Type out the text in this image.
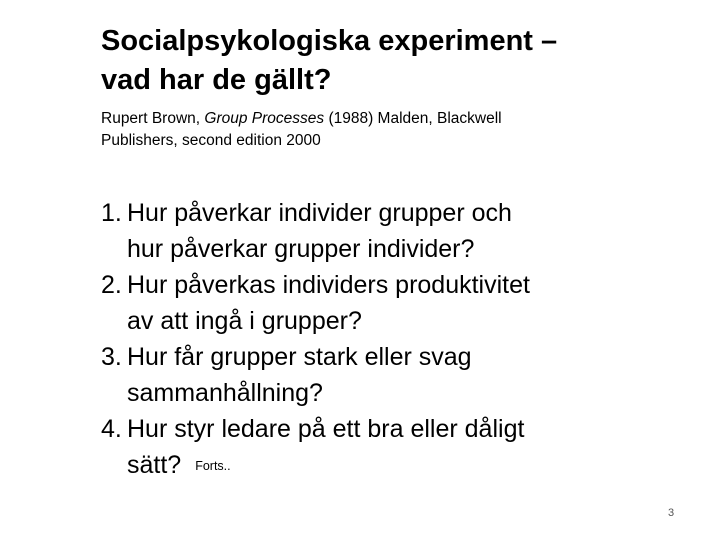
Socialpsykologiska experiment –
vad har de gällt?
Rupert Brown, Group Processes (1988) Malden, Blackwell
Publishers, second edition 2000
1. Hur påverkar individer grupper och
hur påverkar grupper individer?
2. Hur påverkas individers produktivitet
av att ingå i grupper?
3. Hur får grupper stark eller svag
sammanhållning?
4. Hur styr ledare på ett bra eller dåligt
sätt? Forts..
3
